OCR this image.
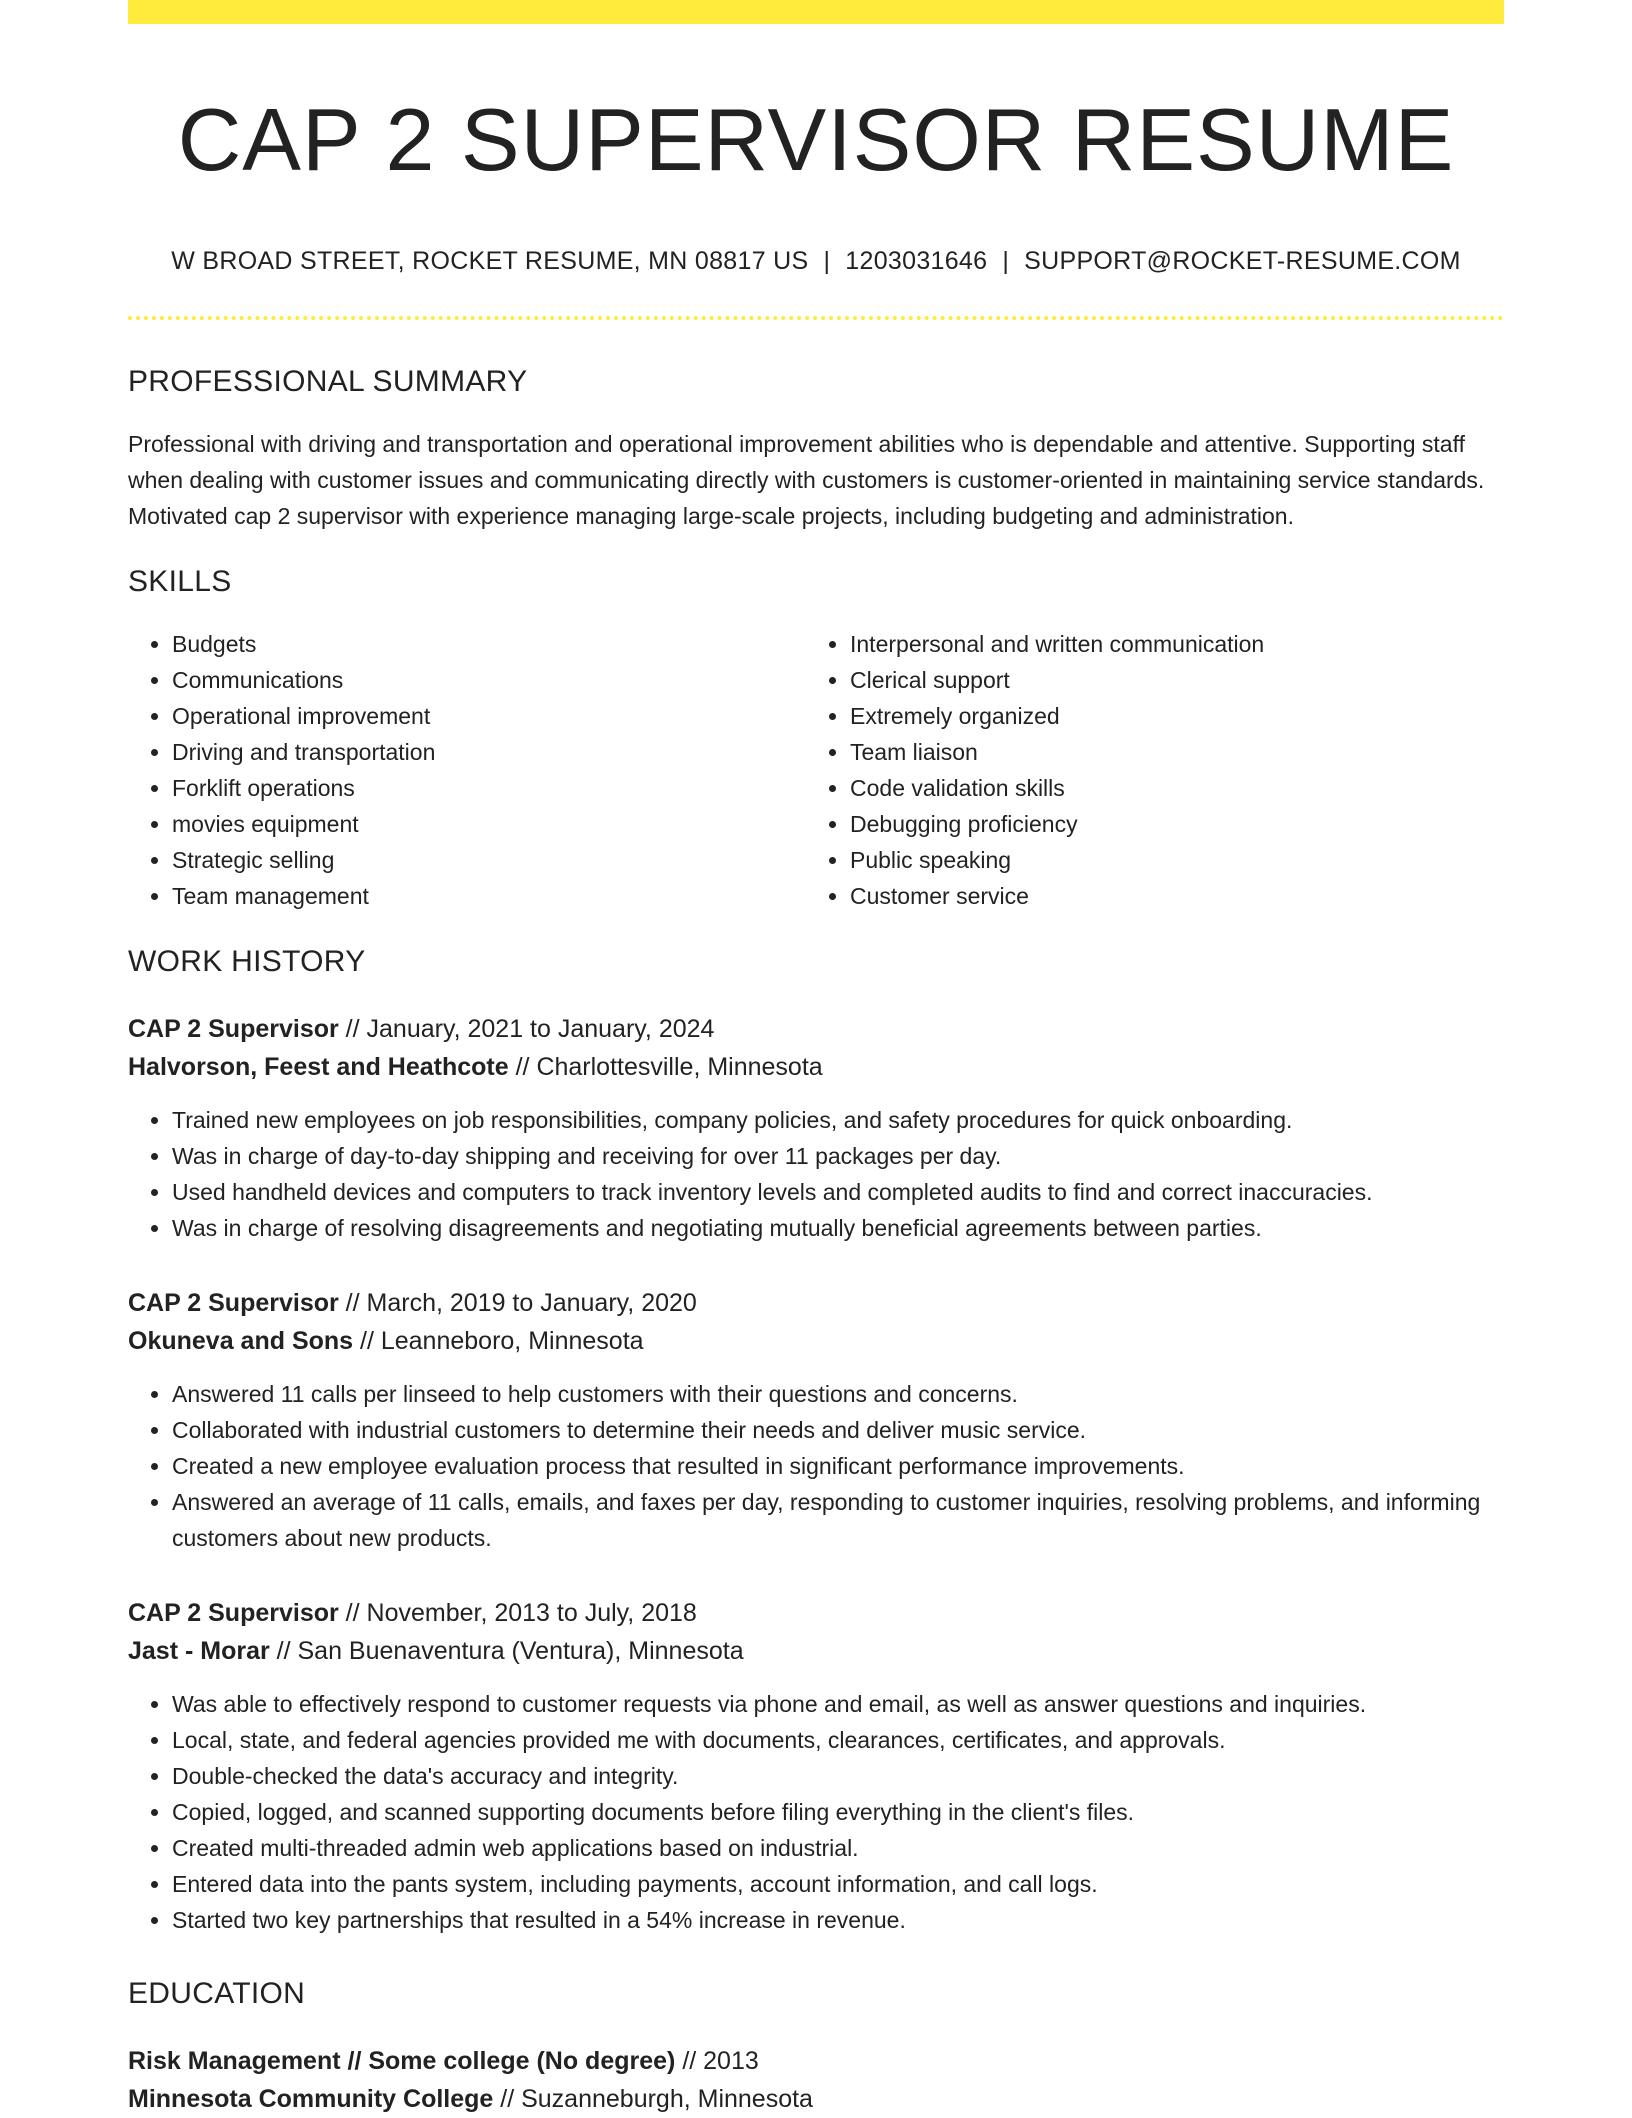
CAP 2 SUPERVISOR RESUME
W BROAD STREET, ROCKET RESUME, MN 08817 US | 1203031646 | SUPPORT@ROCKET-RESUME.COM
PROFESSIONAL SUMMARY

Professional with driving and transportation and operational improvement abilities who is dependable and attentive. Supporting staff when dealing with customer issues and communicating directly with customers is customer-oriented in maintaining service standards. Motivated cap 2 supervisor with experience managing large-scale projects, including budgeting and administration.

SKILLS
• Budgets
• Communications
• Operational improvement
• Driving and transportation
• Forklift operations
• movies equipment
• Strategic selling
• Team management
• Interpersonal and written communication
• Clerical support
• Extremely organized
• Team liaison
• Code validation skills
• Debugging proficiency
• Public speaking
• Customer service
WORK HISTORY
CAP 2 Supervisor // January, 2021 to January, 2024
Halvorson, Feest and Heathcote // Charlottesville, Minnesota
• Trained new employees on job responsibilities, company policies, and safety procedures for quick onboarding.
• Was in charge of day-to-day shipping and receiving for over 11 packages per day.
• Used handheld devices and computers to track inventory levels and completed audits to find and correct inaccuracies.
• Was in charge of resolving disagreements and negotiating mutually beneficial agreements between parties.
CAP 2 Supervisor // March, 2019 to January, 2020
Okuneva and Sons // Leanneboro, Minnesota
• Answered 11 calls per linseed to help customers with their questions and concerns.
• Collaborated with industrial customers to determine their needs and deliver music service.
• Created a new employee evaluation process that resulted in significant performance improvements.
• Answered an average of 11 calls, emails, and faxes per day, responding to customer inquiries, resolving problems, and informing customers about new products.
CAP 2 Supervisor // November, 2013 to July, 2018
Jast - Morar // San Buenaventura (Ventura), Minnesota
• Was able to effectively respond to customer requests via phone and email, as well as answer questions and inquiries.
• Local, state, and federal agencies provided me with documents, clearances, certificates, and approvals.
• Double-checked the data's accuracy and integrity.
• Copied, logged, and scanned supporting documents before filing everything in the client's files.
• Created multi-threaded admin web applications based on industrial.
• Entered data into the pants system, including payments, account information, and call logs.
• Started two key partnerships that resulted in a 54% increase in revenue.
EDUCATION
Risk Management // Some college (No degree) // 2013
Minnesota Community College // Suzanneburgh, Minnesota
